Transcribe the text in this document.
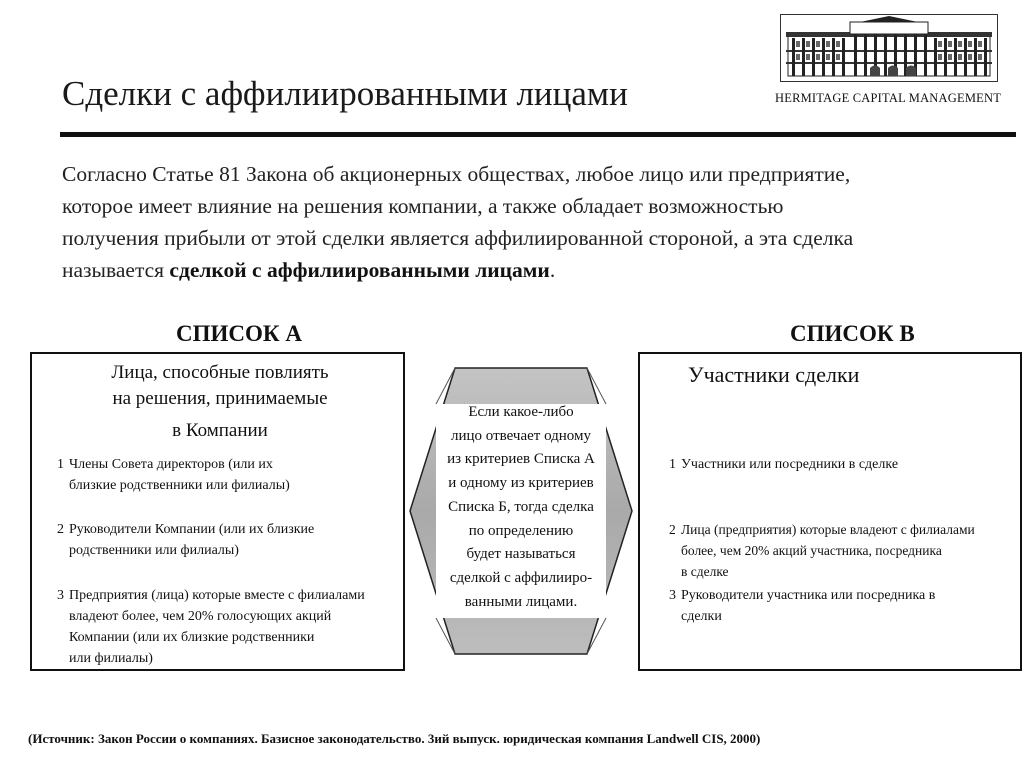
Сделки с аффилиированными лицами	HERMITAGE CAPITAL MANAGEMENT
Согласно Статье 81 Закона об акционерных обществах, любое лицо или предприятие,
которое имеет влияние на решения компании, а также обладает возможностью
получения прибыли от этой сделки является аффилиированной стороной, а эта сделка
называется сделкой с аффилиированными лицами.
СПИСОК А	СПИСОК В
Лица, способные повлиять
на решения, принимаемые
в Компании
1 Члены Совета директоров (или их
близкие родственники или филиалы)
2 Руководители Компании (или их близкие
родственники или филиалы)
3 Предприятия (лица) которые вместе с филиалами
владеют более, чем 20% голосующих акций
Компании (или их близкие родственники
или филиалы)
Если какое-либо
лицо отвечает одному
из критериев Списка А
и одному из критериев
Списка Б, тогда сделка
по определению
будет называться
сделкой с аффилииро-
ванными лицами.
Участники сделки
1 Участники или посредники в сделке
2 Лица (предприятия) которые владеют с филиалами
более, чем 20% акций участника, посредника
в сделке
3 Руководители участника или посредника в
сделки
(Источник: Закон России о компаниях. Базисное законодательство. 3ий выпуск. юридическая компания Landwell CIS, 2000)
